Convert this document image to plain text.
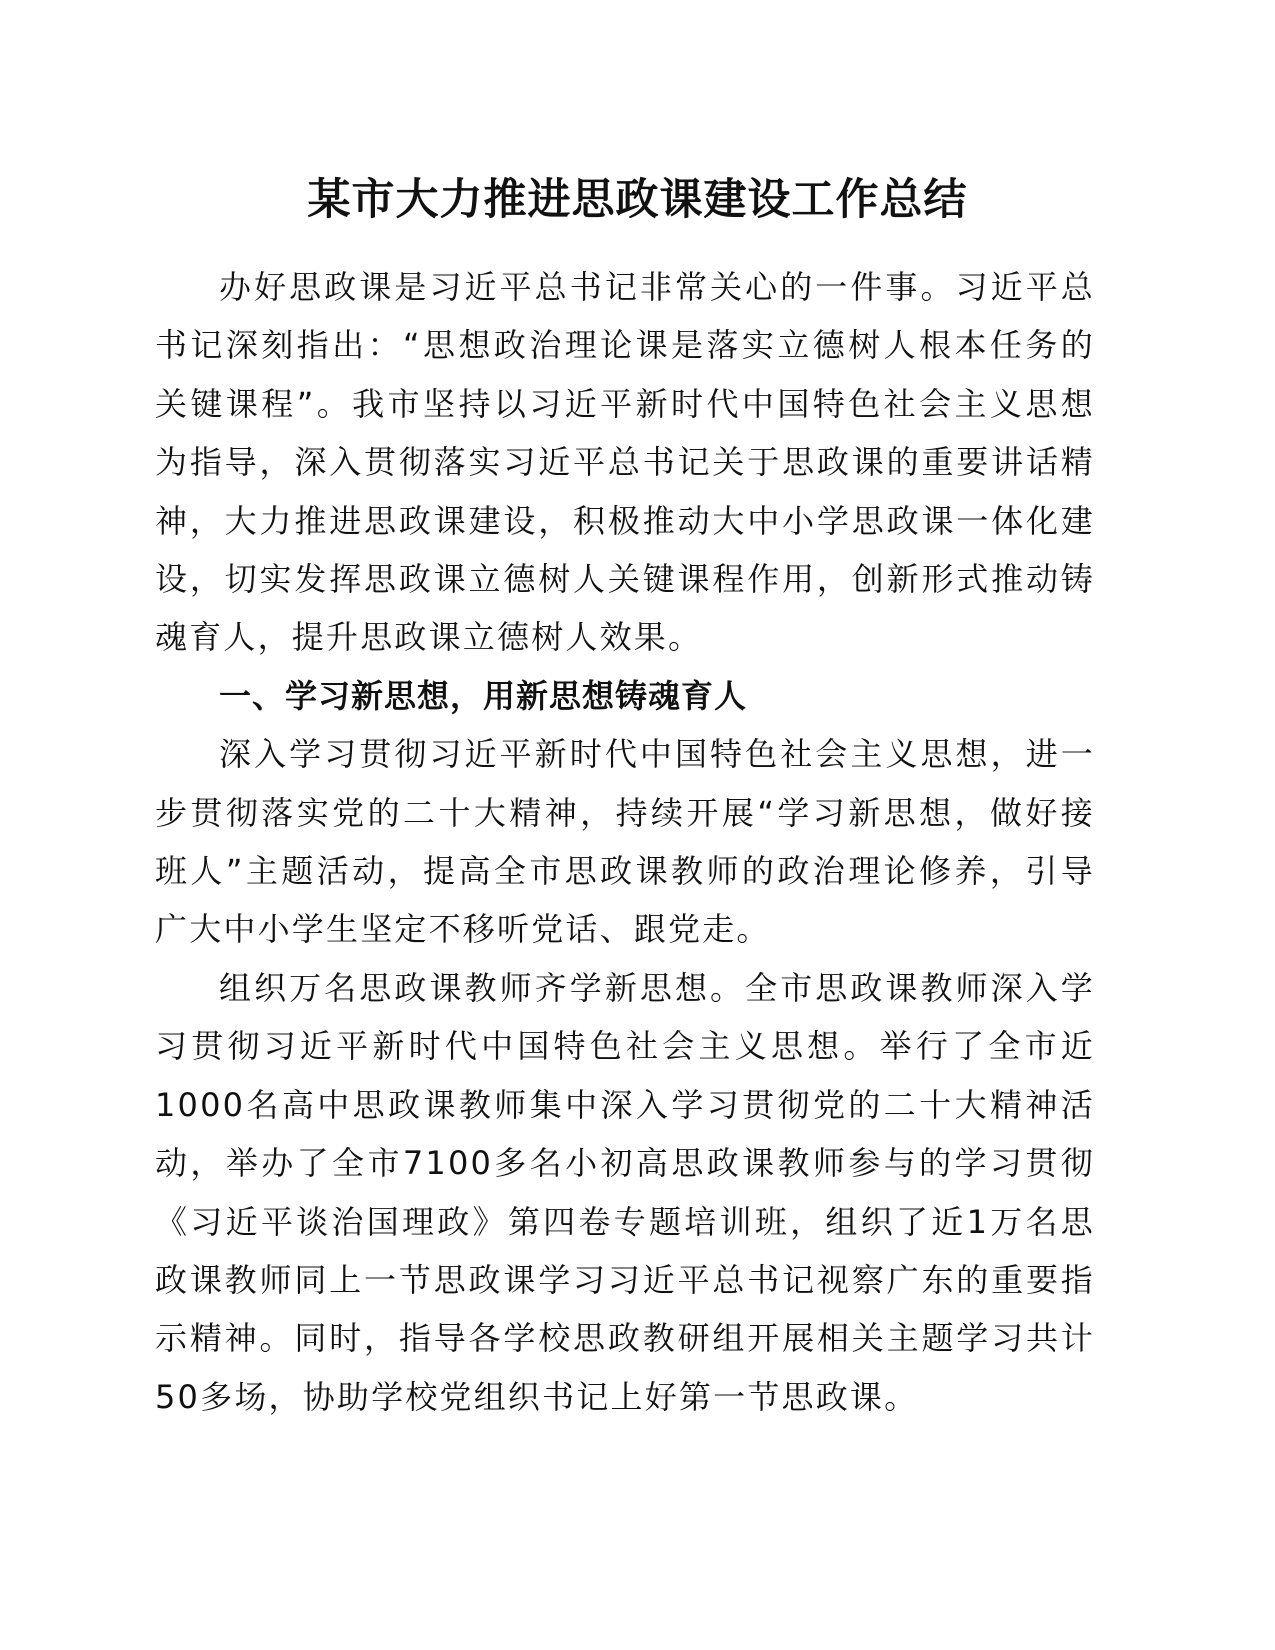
某市大力推进思政课建设工作总结

办好思政课是习近平总书记非常关心的一件事。习近平总书记深刻指出：“思想政治理论课是落实立德树人根本任务的关键课程”。我市坚持以习近平新时代中国特色社会主义思想为指导，深入贯彻落实习近平总书记关于思政课的重要讲话精神，大力推进思政课建设，积极推动大中小学思政课一体化建设，切实发挥思政课立德树人关键课程作用，创新形式推动铸魂育人，提升思政课立德树人效果。

一、学习新思想，用新思想铸魂育人

深入学习贯彻习近平新时代中国特色社会主义思想，进一步贯彻落实党的二十大精神，持续开展“学习新思想，做好接班人”主题活动，提高全市思政课教师的政治理论修养，引导广大中小学生坚定不移听党话、跟党走。

组织万名思政课教师齐学新思想。全市思政课教师深入学习贯彻习近平新时代中国特色社会主义思想。举行了全市近1000名高中思政课教师集中深入学习贯彻党的二十大精神活动，举办了全市7100多名小初高思政课教师参与的学习贯彻《习近平谈治国理政》第四卷专题培训班，组织了近1万名思政课教师同上一节思政课学习习近平总书记视察广东的重要指示精神。同时，指导各学校思政教研组开展相关主题学习共计50多场，协助学校党组织书记上好第一节思政课。
